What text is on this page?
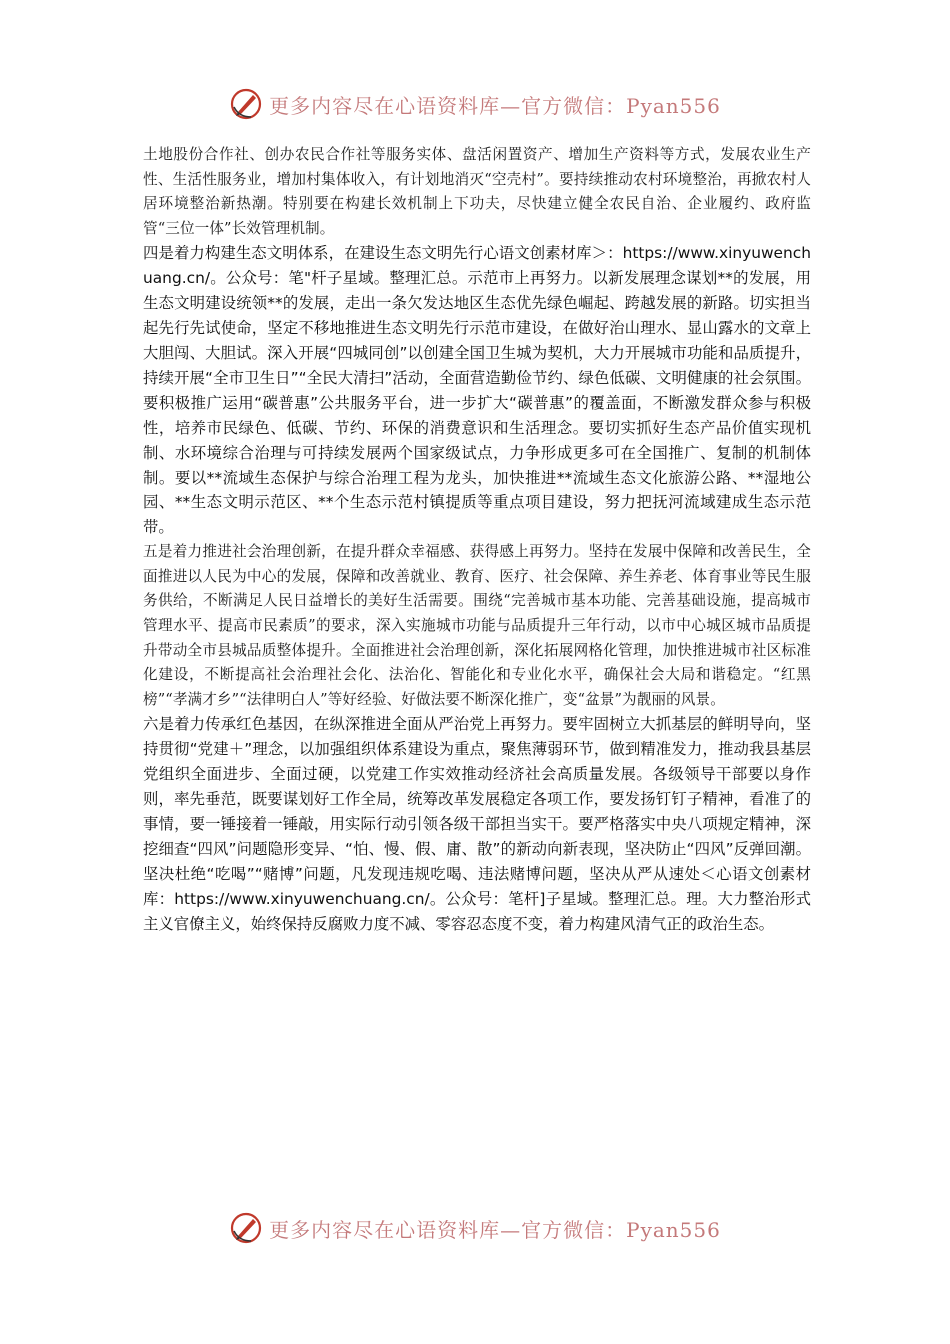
更多内容尽在心语资料库—官方微信：Pyan556

土地股份合作社、创办农民合作社等服务实体、盘活闲置资产、增加生产资料等方式，发展农业生产性、生活性服务业，增加村集体收入，有计划地消灭“空壳村”。要持续推动农村环境整治，再掀农村人居环境整治新热潮。特别要在构建长效机制上下功夫，尽快建立健全农民自治、企业履约、政府监管“三位一体”长效管理机制。

四是着力构建生态文明体系，在建设生态文明先行心语文创素材库＞：https://www.xinyuwenchuang.cn/。公众号：笔"杆子星域。整理汇总。示范市上再努力。以新发展理念谋划**的发展，用生态文明建设统领**的发展，走出一条欠发达地区生态优先绿色崛起、跨越发展的新路。切实担当起先行先试使命，坚定不移地推进生态文明先行示范市建设，在做好治山理水、显山露水的文章上大胆闯、大胆试。深入开展“四城同创”以创建全国卫生城为契机，大力开展城市功能和品质提升，持续开展“全市卫生日”“全民大清扫”活动，全面营造勤俭节约、绿色低碳、文明健康的社会氛围。要积极推广运用“碳普惠”公共服务平台，进一步扩大“碳普惠”的覆盖面，不断激发群众参与积极性，培养市民绿色、低碳、节约、环保的消费意识和生活理念。要切实抓好生态产品价值实现机制、水环境综合治理与可持续发展两个国家级试点，力争形成更多可在全国推广、复制的机制体制。要以**流域生态保护与综合治理工程为龙头，加快推进**流域生态文化旅游公路、**湿地公园、**生态文明示范区、**个生态示范村镇提质等重点项目建设，努力把抚河流域建成生态示范带。

五是着力推进社会治理创新，在提升群众幸福感、获得感上再努力。坚持在发展中保障和改善民生，全面推进以人民为中心的发展，保障和改善就业、教育、医疗、社会保障、养生养老、体育事业等民生服务供给，不断满足人民日益增长的美好生活需要。围绕“完善城市基本功能、完善基础设施，提高城市管理水平、提高市民素质”的要求，深入实施城市功能与品质提升三年行动，以市中心城区城市品质提升带动全市县城品质整体提升。全面推进社会治理创新，深化拓展网格化管理，加快推进城市社区标准化建设，不断提高社会治理社会化、法治化、智能化和专业化水平，确保社会大局和谐稳定。“红黑榜”“孝满才乡”“法律明白人”等好经验、好做法要不断深化推广，变“盆景”为靓丽的风景。

六是着力传承红色基因，在纵深推进全面从严治党上再努力。要牢固树立大抓基层的鲜明导向，坚持贯彻“党建＋”理念，以加强组织体系建设为重点，聚焦薄弱环节，做到精准发力，推动我县基层党组织全面进步、全面过硬，以党建工作实效推动经济社会高质量发展。各级领导干部要以身作则，率先垂范，既要谋划好工作全局，统筹改革发展稳定各项工作，要发扬钉钉子精神，看准了的事情，要一锤接着一锤敲，用实际行动引领各级干部担当实干。要严格落实中央八项规定精神，深挖细查“四风”问题隐形变异、“怕、慢、假、庸、散”的新动向新表现，坚决防止“四风”反弹回潮。坚决杜绝“吃喝”“赌博”问题，凡发现违规吃喝、违法赌博问题，坚决从严从速处＜心语文创素材库：https://www.xinyuwenchuang.cn/。公众号：笔杆]子星域。整理汇总。理。大力整治形式主义官僚主义，始终保持反腐败力度不减、零容忍态度不变，着力构建风清气正的政治生态。

更多内容尽在心语资料库—官方微信：Pyan556
